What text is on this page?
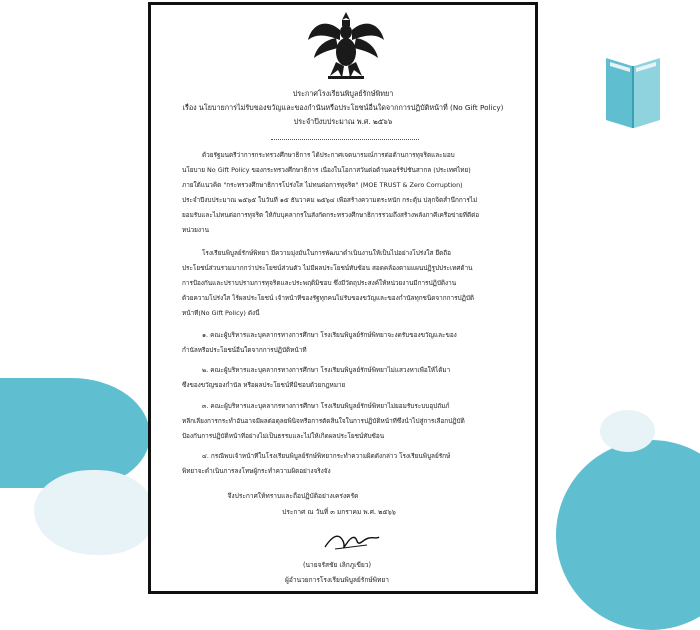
ประกาศโรงเรียนพิบูลย์รักษ์พิทยา
เรื่อง นโยบายการไม่รับของขวัญและของกำนันหรือประโยชน์อื่นใดจากการปฏิบัติหน้าที่ (No Gift Policy)
ประจำปีงบประมาณ พ.ศ. ๒๕๖๖
ด้วยรัฐมนตรีว่าการกระทรวงศึกษาธิการ ได้ประกาศเจตนารมณ์การต่อต้านการทุจริตและมอบ
นโยบาย No Gift Policy ของกระทรวงศึกษาธิการ เนื่องในโอกาสวันต่อต้านคอร์รัปชันสากล (ประเทศไทย)
ภายใต้แนวคิด "กระทรวงศึกษาธิการโปร่งใส ไม่ทนต่อการทุจริต" (MOE TRUST & Zero Corruption)
ประจำปีงบประมาณ ๒๕๖๕ ในวันที่ ๑๕ ธันวาคม ๒๕๖๔ เพื่อสร้างความตระหนัก กระตุ้น ปลุกจิตสำนึกการไม่
ยอมรับและไม่ทนต่อการทุจริต ให้กับบุคลากรในสังกัดกระทรวงศึกษาธิการรวมถึงสร้างพลังภาคีเครือข่ายที่ดีต่อ
หน่วยงาน
โรงเรียนพิบูลย์รักษ์พิทยา มีความมุ่งมั่นในการพัฒนาดำเนินงานให้เป็นไปอย่างโปร่งใส ยึดถือ
ประโยชน์ส่วนรวมมากกว่าประโยชน์ส่วนตัว ไม่มีผลประโยชน์ทับซ้อน สอดคล้องตามแผนปฏิรูปประเทศด้าน
การป้องกันและปราบปรามการทุจริตและประพฤติมิชอบ ซึ่งมีวัตถุประสงค์ให้หน่วยงานมีการปฏิบัติงาน
ด้วยความโปร่งใส ไร้ผลประโยชน์ เจ้าหน้าที่ของรัฐทุกคนไม่รับของขวัญและของกำนัลทุกชนิดจากการปฏิบัติ
หน้าที่(No Gift Policy) ดังนี้
๑. คณะผู้บริหารและบุคลากรทางการศึกษา โรงเรียนพิบูลย์รักษ์พิทยาจะงดรับของขวัญและของ
กำนัลหรือประโยชน์อื่นใดจากการปฏิบัติหน้าที่
๒. คณะผู้บริหารและบุคลากรทางการศึกษา โรงเรียนพิบูลย์รักษ์พิทยาไม่แสวงหาเพื่อให้ได้มา
ซึ่งของขวัญของกำนัล หรือผลประโยชน์ที่มิชอบด้วยกฎหมาย
๓. คณะผู้บริหารและบุคลากรทางการศึกษา โรงเรียนพิบูลย์รักษ์พิทยาไม่ยอมรับระบบอุปถัมภ์
หลีกเลี่ยงการกระทำอันอาจมีผลต่อดุลยพินิจหรือการตัดสินใจในการปฏิบัติหน้าที่ซึ่งนำไปสู่การเลือกปฏิบัติ
ป้องกันการปฏิบัติหน้าที่อย่างไม่เป็นธรรมและไม่ให้เกิดผลประโยชน์ทับซ้อน
๔. กรณีพบเจ้าหน้าที่ในโรงเรียนพิบูลย์รักษ์พิทยากระทำความผิดดังกล่าว โรงเรียนพิบูลย์รักษ์
พิทยาจะดำเนินการลงโทษผู้กระทำความผิดอย่างจริงจัง
จึงประกาศให้ทราบและถือปฏิบัติอย่างเคร่งครัด
ประกาศ ณ วันที่ ๓ มกราคม พ.ศ. ๒๕๖๖
(นายจรัสชัย เลิกภูเขียว)
ผู้อำนวยการโรงเรียนพิบูลย์รักษ์พิทยา
